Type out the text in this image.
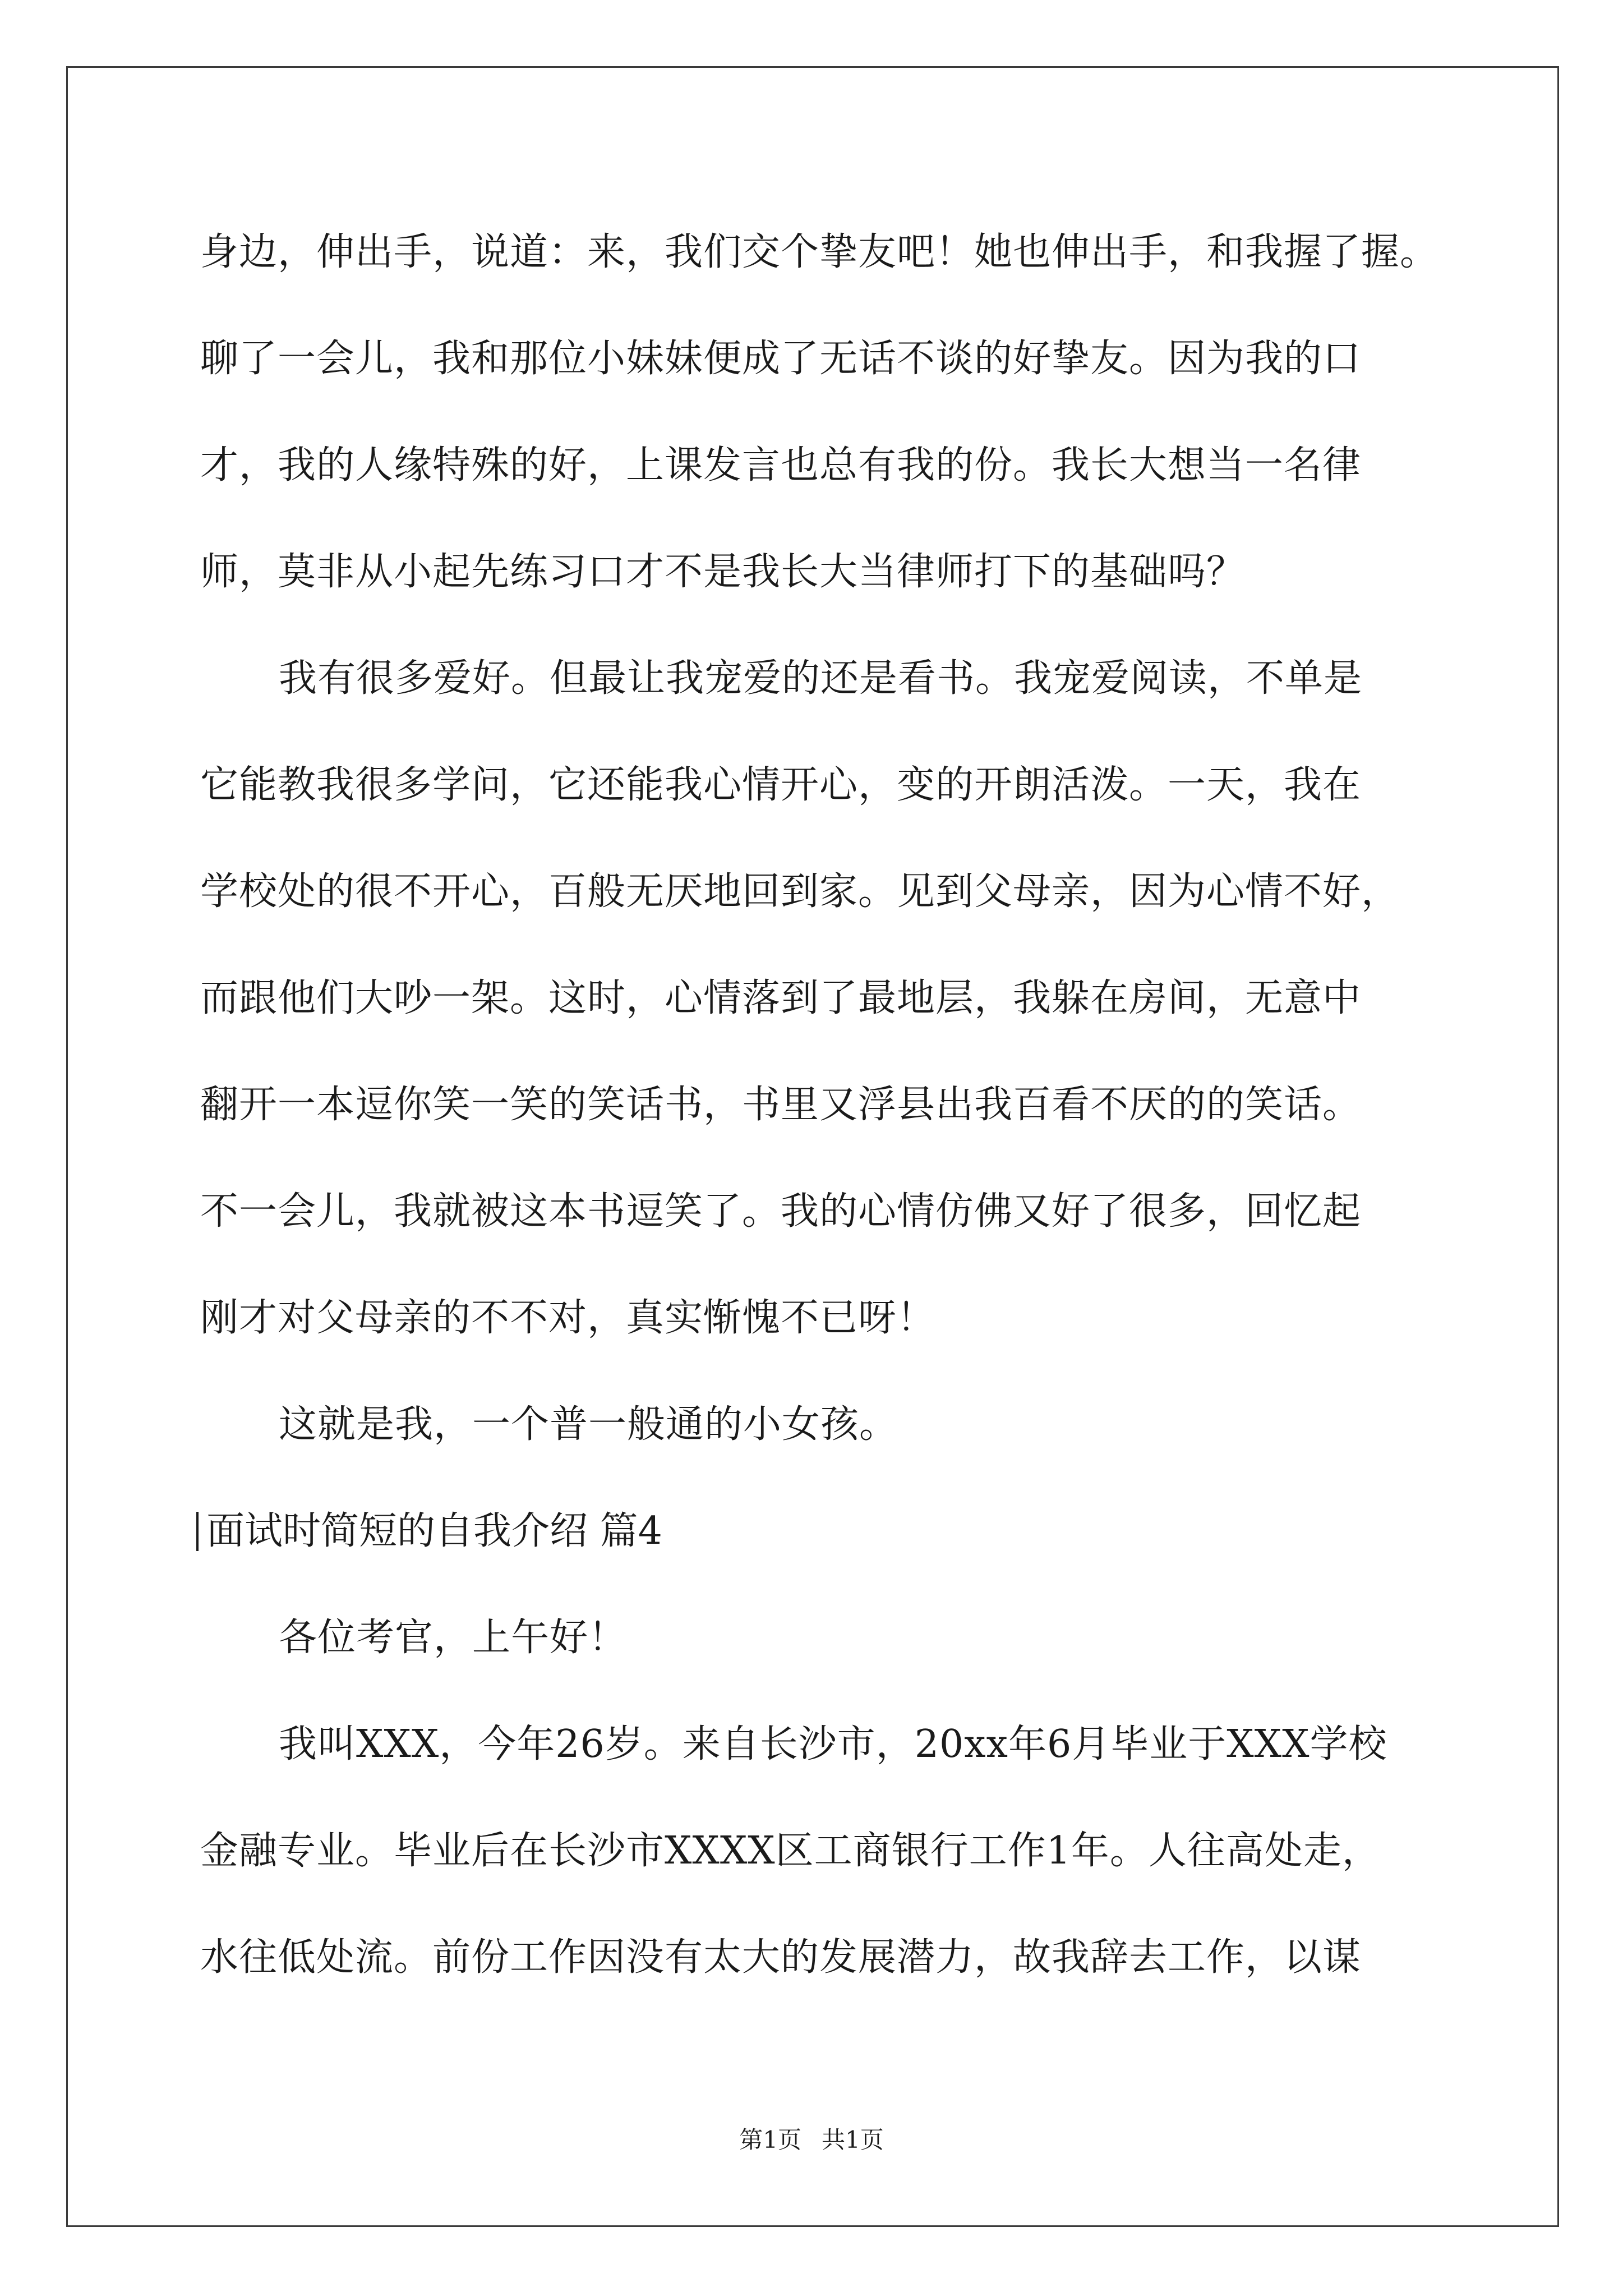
身边，伸出手，说道：来，我们交个挚友吧！她也伸出手，和我握了握。
聊了一会儿，我和那位小妹妹便成了无话不谈的好挚友。因为我的口
才，我的人缘特殊的好，上课发言也总有我的份。我长大想当一名律
师，莫非从小起先练习口才不是我长大当律师打下的基础吗？
我有很多爱好。但最让我宠爱的还是看书。我宠爱阅读，不单是
它能教我很多学问，它还能我心情开心，变的开朗活泼。一天，我在
学校处的很不开心，百般无厌地回到家。见到父母亲，因为心情不好，
而跟他们大吵一架。这时，心情落到了最地层，我躲在房间，无意中
翻开一本逗你笑一笑的笑话书，书里又浮县出我百看不厌的的笑话。
不一会儿，我就被这本书逗笑了。我的心情仿佛又好了很多，回忆起
刚才对父母亲的不不对，真实惭愧不已呀！
这就是我，一个普一般通的小女孩。
面试时简短的自我介绍 篇4
各位考官，上午好！
我叫XXX，今年26岁。来自长沙市，20xx年6月毕业于XXX学校
金融专业。毕业后在长沙市XXXX区工商银行工作1年。人往高处走，
水往低处流。前份工作因没有太大的发展潜力，故我辞去工作，以谋
第1页 共1页
